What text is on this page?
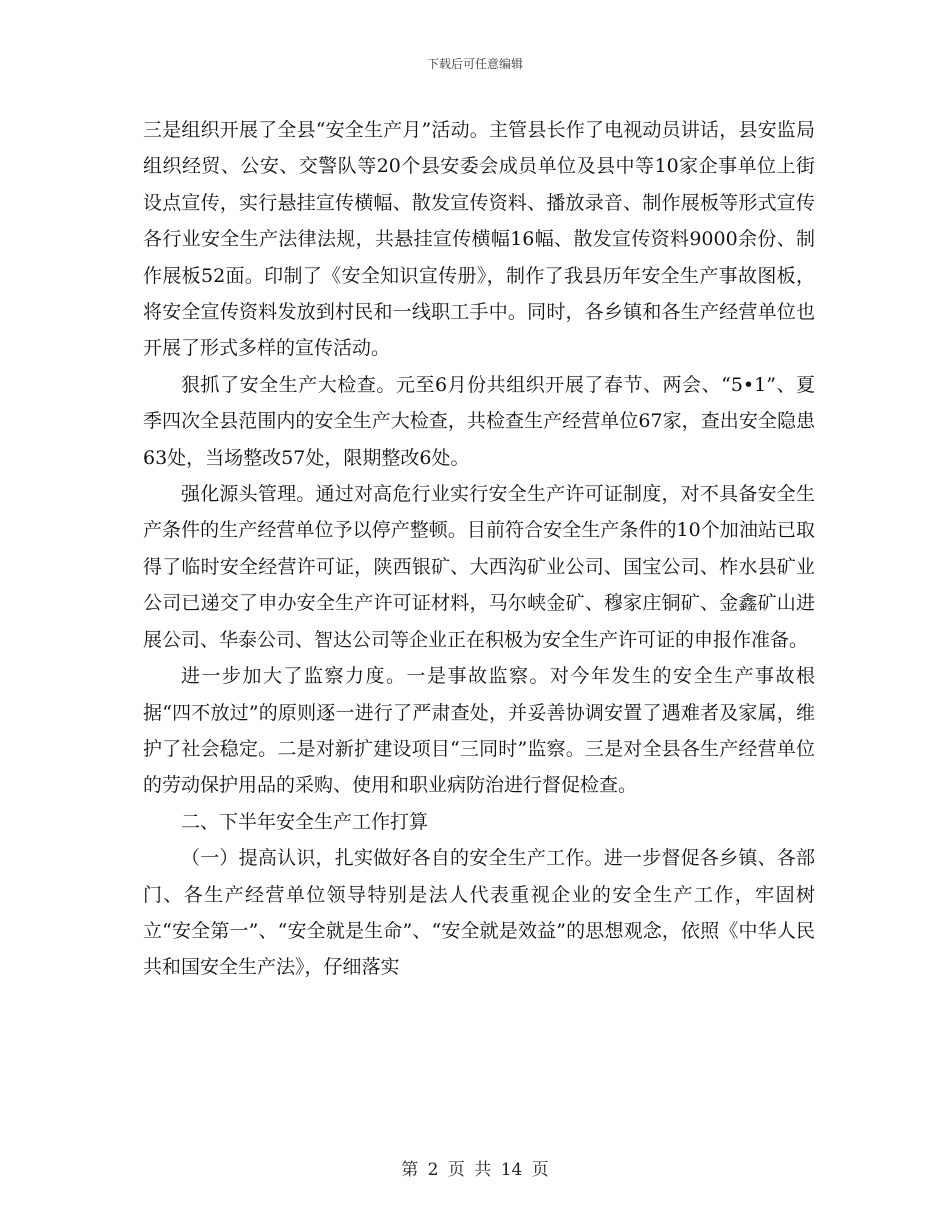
下载后可任意编辑

三是组织开展了全县“安全生产月”活动。主管县长作了电视动员讲话，县安监局组织经贸、公安、交警队等20个县安委会成员单位及县中等10家企事单位上街设点宣传，实行悬挂宣传横幅、散发宣传资料、播放录音、制作展板等形式宣传各行业安全生产法律法规，共悬挂宣传横幅16幅、散发宣传资料9000余份、制作展板52面。印制了《安全知识宣传册》，制作了我县历年安全生产事故图板，将安全宣传资料发放到村民和一线职工手中。同时，各乡镇和各生产经营单位也开展了形式多样的宣传活动。

狠抓了安全生产大检查。元至6月份共组织开展了春节、两会、“5•1”、夏季四次全县范围内的安全生产大检查，共检查生产经营单位67家，查出安全隐患63处，当场整改57处，限期整改6处。

强化源头管理。通过对高危行业实行安全生产许可证制度，对不具备安全生产条件的生产经营单位予以停产整顿。目前符合安全生产条件的10个加油站已取得了临时安全经营许可证，陕西银矿、大西沟矿业公司、国宝公司、柞水县矿业公司已递交了申办安全生产许可证材料，马尔峡金矿、穆家庄铜矿、金鑫矿山进展公司、华泰公司、智达公司等企业正在积极为安全生产许可证的申报作准备。

进一步加大了监察力度。一是事故监察。对今年发生的安全生产事故根据“四不放过”的原则逐一进行了严肃查处，并妥善协调安置了遇难者及家属，维护了社会稳定。二是对新扩建设项目“三同时”监察。三是对全县各生产经营单位的劳动保护用品的采购、使用和职业病防治进行督促检查。

二、下半年安全生产工作打算

（一）提高认识，扎实做好各自的安全生产工作。进一步督促各乡镇、各部门、各生产经营单位领导特别是法人代表重视企业的安全生产工作，牢固树立“安全第一”、“安全就是生命”、“安全就是效益”的思想观念，依照《中华人民共和国安全生产法》，仔细落实

第 2 页 共 14 页
